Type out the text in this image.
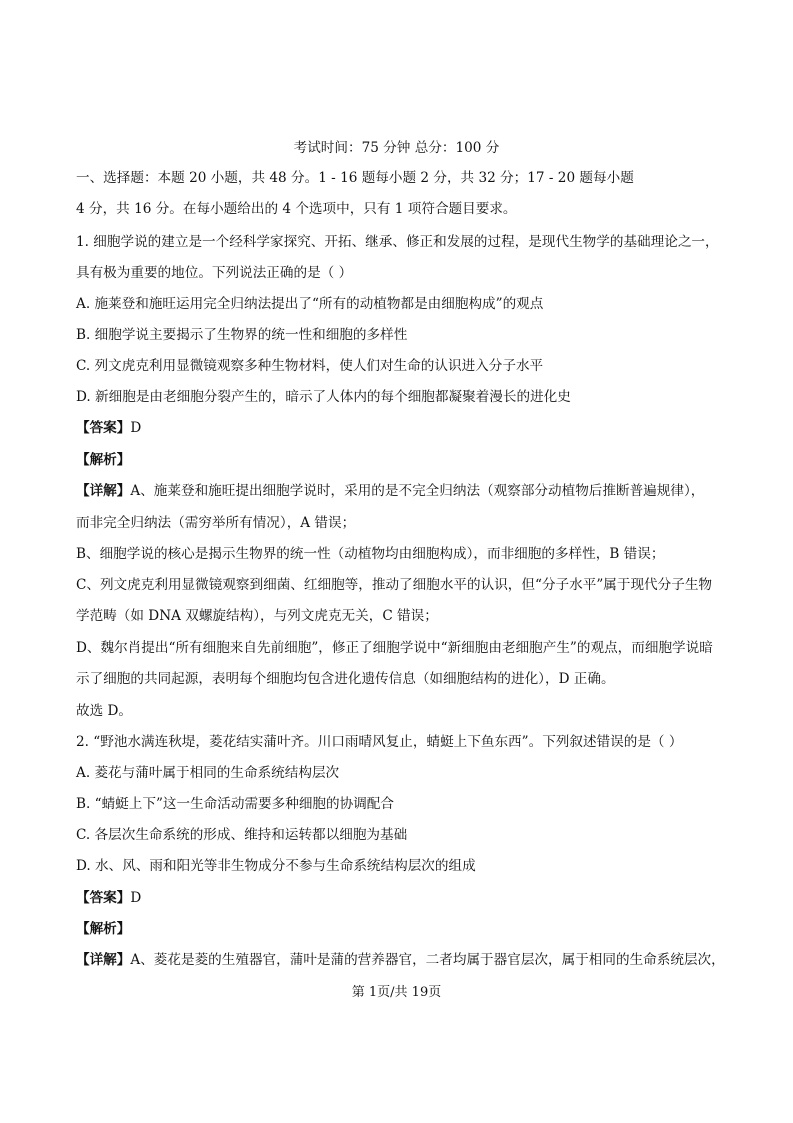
考试时间：75 分钟 总分：100 分

一、选择题：本题 20 小题，共 48 分。1 - 16 题每小题 2 分，共 32 分；17 - 20 题每小题

4 分，共 16 分。在每小题给出的 4 个选项中，只有 1 项符合题目要求。

1. 细胞学说的建立是一个经科学家探究、开拓、继承、修正和发展的过程，是现代生物学的基础理论之一，

具有极为重要的地位。下列说法正确的是（ ）

A. 施莱登和施旺运用完全归纳法提出了“所有的动植物都是由细胞构成”的观点

B. 细胞学说主要揭示了生物界的统一性和细胞的多样性

C. 列文虎克利用显微镜观察多种生物材料，使人们对生命的认识进入分子水平

D. 新细胞是由老细胞分裂产生的，暗示了人体内的每个细胞都凝聚着漫长的进化史

【答案】D

【解析】

【详解】A、施莱登和施旺提出细胞学说时，采用的是不完全归纳法（观察部分动植物后推断普遍规律），

而非完全归纳法（需穷举所有情况），A 错误；

B、细胞学说的核心是揭示生物界的统一性（动植物均由细胞构成），而非细胞的多样性，B 错误；

C、列文虎克利用显微镜观察到细菌、红细胞等，推动了细胞水平的认识，但“分子水平”属于现代分子生物

学范畴（如 DNA 双螺旋结构），与列文虎克无关，C 错误；

D、魏尔肖提出“所有细胞来自先前细胞”，修正了细胞学说中“新细胞由老细胞产生”的观点，而细胞学说暗

示了细胞的共同起源，表明每个细胞均包含进化遗传信息（如细胞结构的进化），D 正确。

故选 D。

2. “野池水满连秋堤，菱花结实蒲叶齐。川口雨晴风复止，蜻蜓上下鱼东西”。下列叙述错误的是（ ）

A. 菱花与蒲叶属于相同的生命系统结构层次

B. “蜻蜓上下”这一生命活动需要多种细胞的协调配合

C. 各层次生命系统的形成、维持和运转都以细胞为基础

D. 水、风、雨和阳光等非生物成分不参与生命系统结构层次的组成

【答案】D

【解析】

【详解】A、菱花是菱的生殖器官，蒲叶是蒲的营养器官，二者均属于器官层次，属于相同的生命系统层次，

第 1页/共 19页
